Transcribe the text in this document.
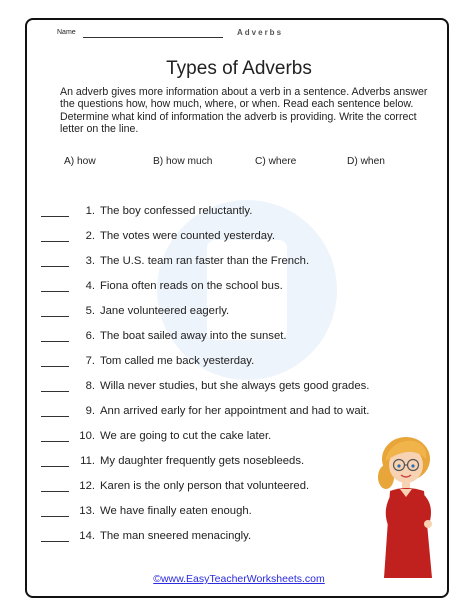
Name	Adverbs
Types of Adverbs
An adverb gives more information about a verb in a sentence. Adverbs answer the questions how, how much, where, or when. Read each sentence below. Determine what kind of information the adverb is providing. Write the correct letter on the line.
A) how	B) how much	C) where	D) when
1. The boy confessed reluctantly.
2. The votes were counted yesterday.
3. The U.S. team ran faster than the French.
4. Fiona often reads on the school bus.
5. Jane volunteered eagerly.
6. The boat sailed away into the sunset.
7. Tom called me back yesterday.
8. Willa never studies, but she always gets good grades.
9. Ann arrived early for her appointment and had to wait.
10. We are going to cut the cake later.
11. My daughter frequently gets nosebleeds.
12. Karen is the only person that volunteered.
13. We have finally eaten enough.
14. The man sneered menacingly.
©www.EasyTeacherWorksheets.com
